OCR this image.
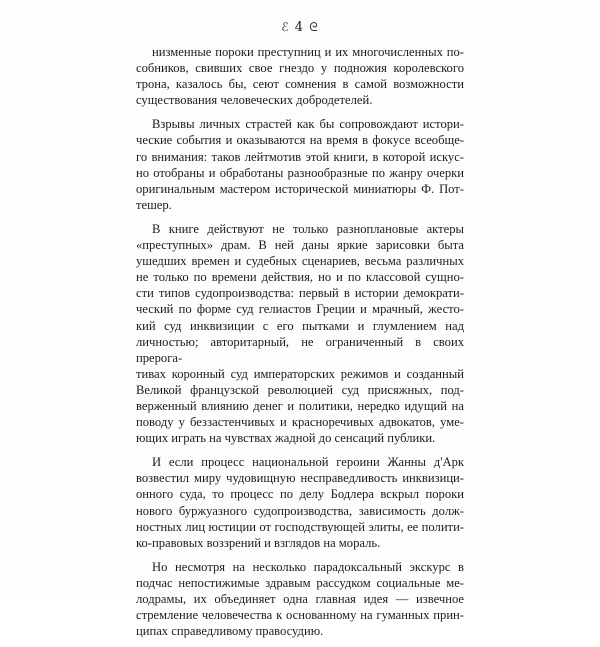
ℰ 4 ᘓ
низменные пороки преступниц и их многочисленных по-
собников, свивших свое гнездо у подножия королевского
трона, казалось бы, сеют сомнения в самой возможности
существования человеческих добродетелей.
Взрывы личных страстей как бы сопровождают истори-
ческие события и оказываются на время в фокусе всеобще-
го внимания: таков лейтмотив этой книги, в которой искус-
но отобраны и обработаны разнообразные по жанру очерки
оригинальным мастером исторической миниатюры Ф. Пот-
тешер.
В книге действуют не только разноплановые актеры
«преступных» драм. В ней даны яркие зарисовки быта
ушедших времен и судебных сценариев, весьма различных
не только по времени действия, но и по классовой сущно-
сти типов судопроизводства: первый в истории демократи-
ческий по форме суд гелиастов Греции и мрачный, жесто-
кий суд инквизиции с его пытками и глумлением над
личностью; авторитарный, не ограниченный в своих прерога-
тивах коронный суд императорских режимов и созданный
Великой французской революцией суд присяжных, под-
верженный влиянию денег и политики, нередко идущий на
поводу у беззастенчивых и красноречивых адвокатов, уме-
ющих играть на чувствах жадной до сенсаций публики.
И если процесс национальной героини Жанны д'Арк
возвестил миру чудовищную несправедливость инквизици-
онного суда, то процесс по делу Бодлера вскрыл пороки
нового буржуазного судопроизводства, зависимость долж-
ностных лиц юстиции от господствующей элиты, ее полити-
ко-правовых воззрений и взглядов на мораль.
Но несмотря на несколько парадоксальный экскурс в
подчас непостижимые здравым рассудком социальные ме-
лодрамы, их объединяет одна главная идея — извечное
стремление человечества к основанному на гуманных прин-
ципах справедливому правосудию.
